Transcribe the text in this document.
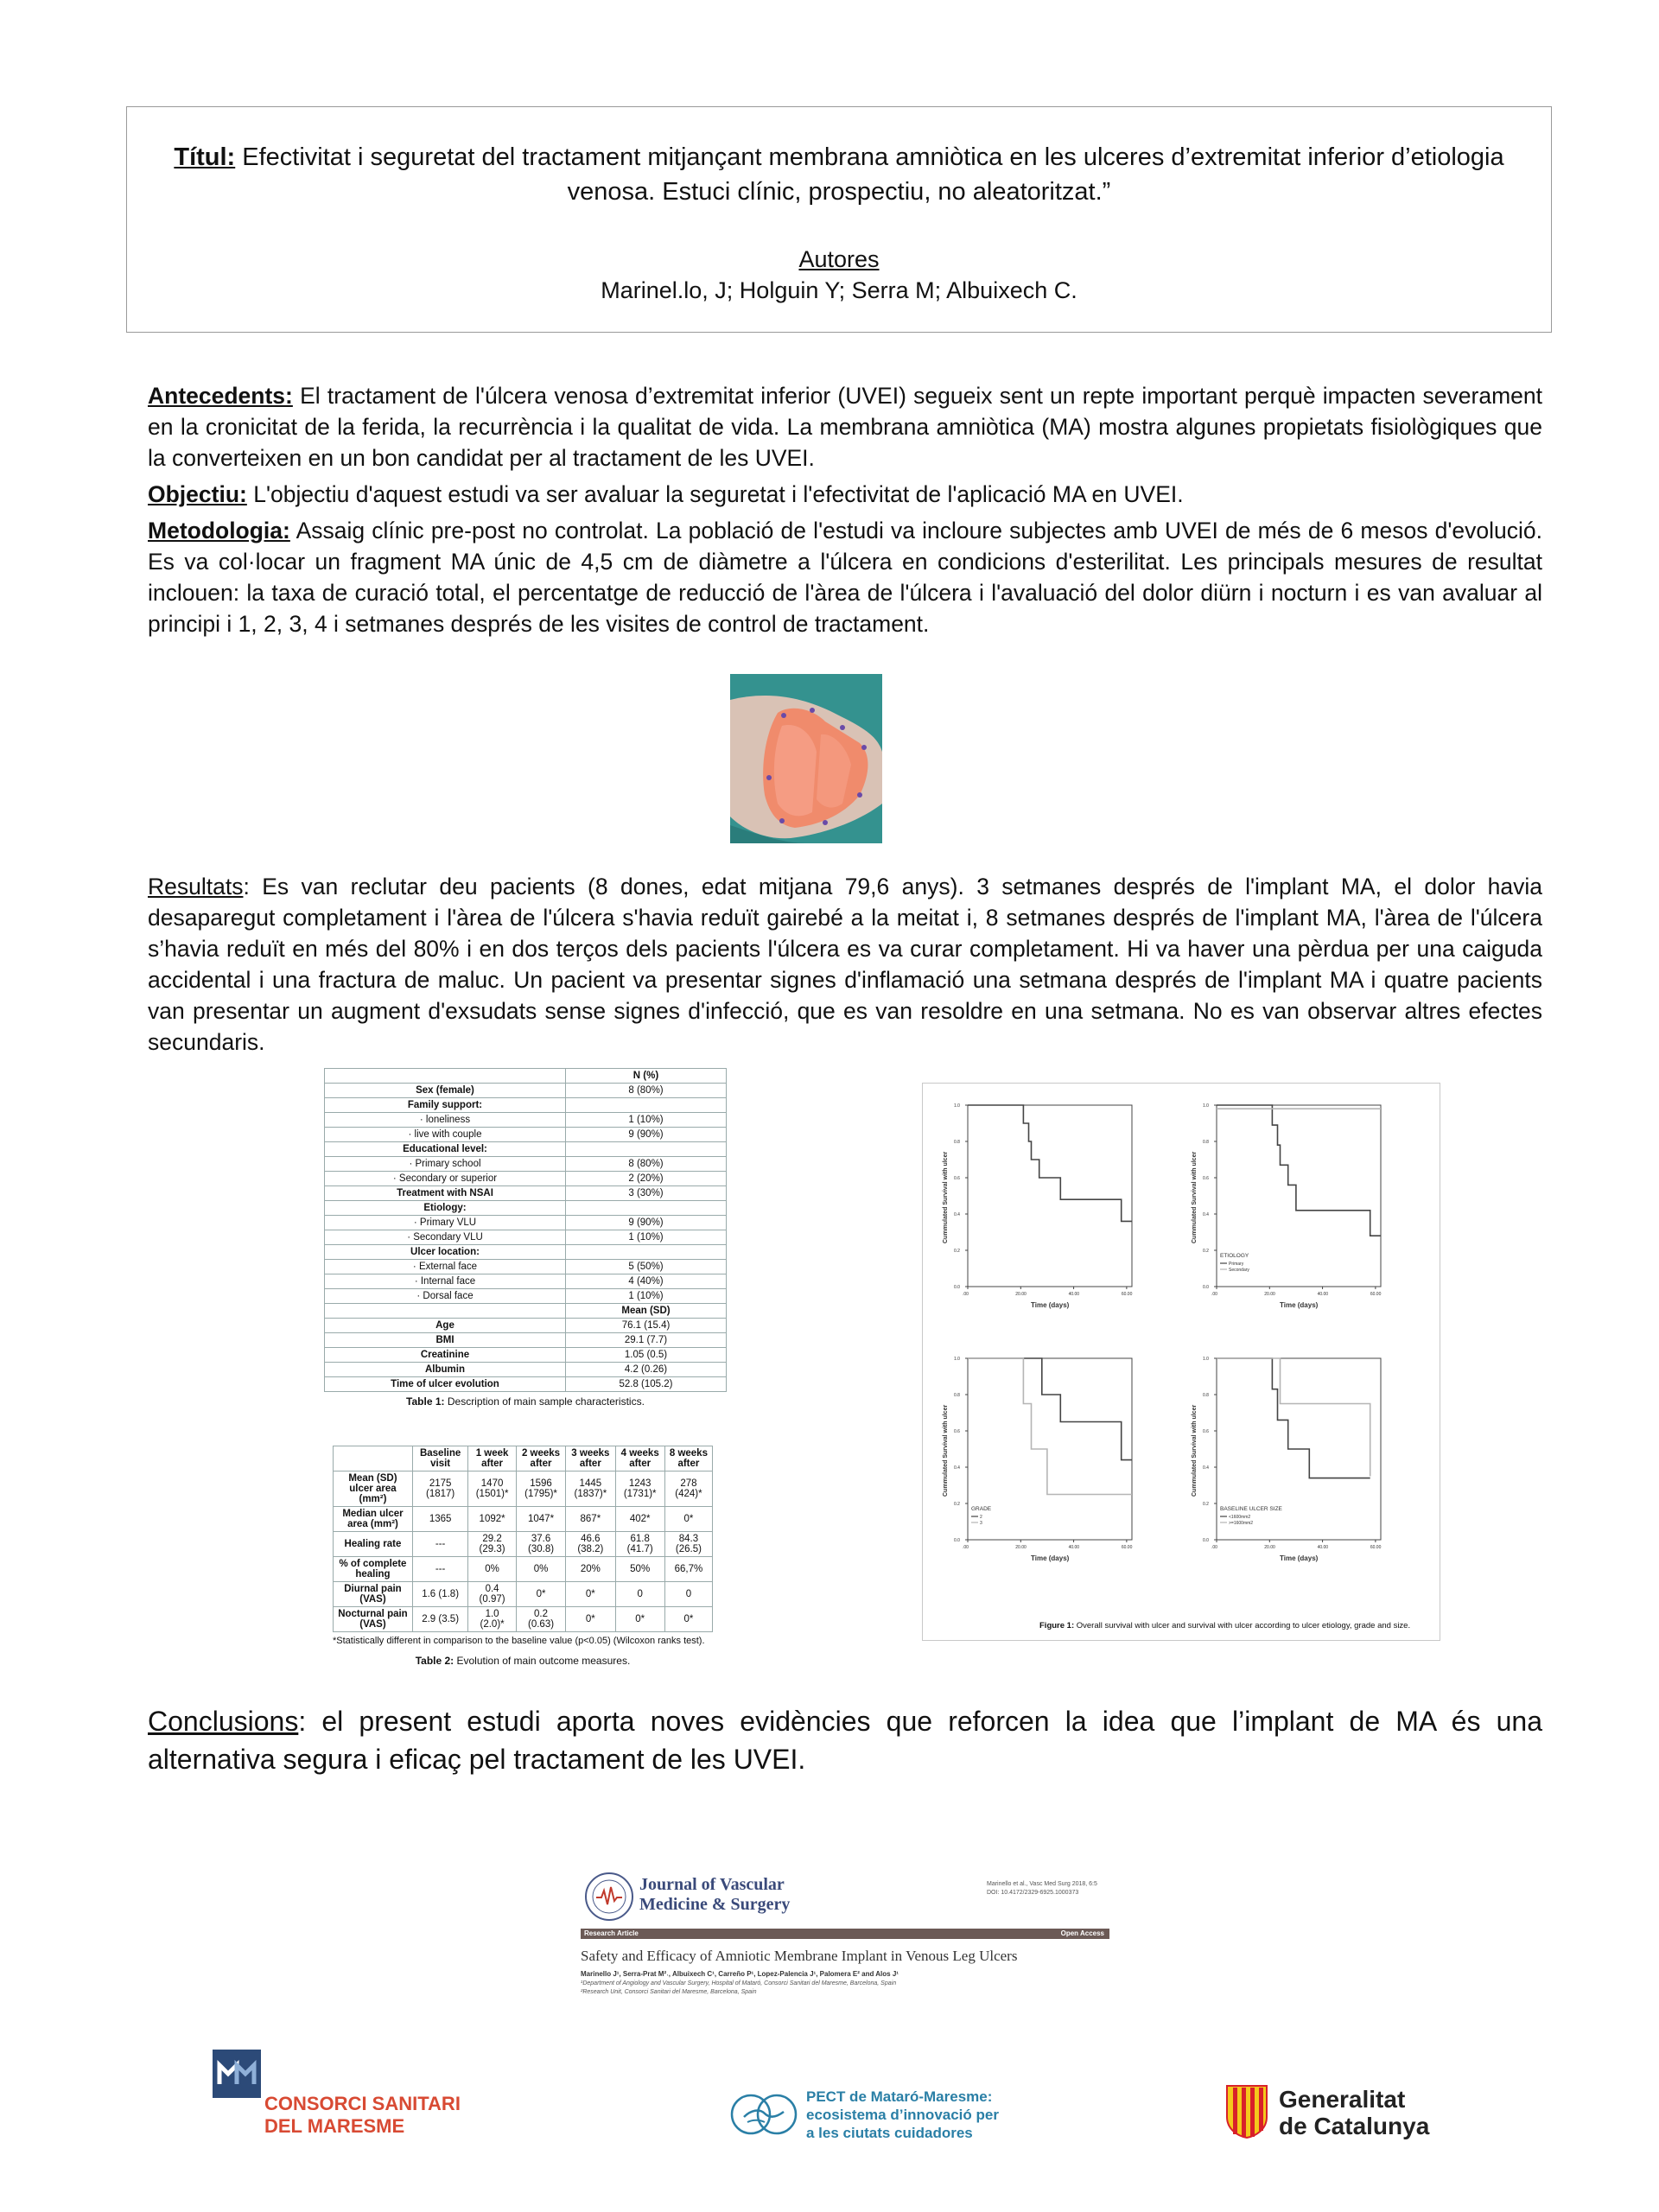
Títul: Efectivitat i seguretat del tractament mitjançant membrana amniòtica en les ulceres d’extremitat inferior d’etiologia venosa. Estuci clínic, prospectiu, no aleatoritzat.”
Autores
Marinel.lo, J; Holguin Y; Serra M; Albuixech C.

Antecedents: El tractament de l'úlcera venosa d’extremitat inferior (UVEI) segueix sent un repte important perquè impacten severament en la cronicitat de la ferida, la recurrència i la qualitat de vida. La membrana amniòtica (MA) mostra algunes propietats fisiològiques que la converteixen en un bon candidat per al tractament de les UVEI.

Objectiu: L'objectiu d'aquest estudi va ser avaluar la seguretat i l'efectivitat de l'aplicació MA en UVEI.

Metodologia: Assaig clínic pre-post no controlat. La població de l'estudi va incloure subjectes amb UVEI de més de 6 mesos d'evolució. Es va col·locar un fragment MA únic de 4,5 cm de diàmetre a l'úlcera en condicions d'esterilitat. Les principals mesures de resultat inclouen: la taxa de curació total, el percentatge de reducció de l'àrea de l'úlcera i l'avaluació del dolor diürn i nocturn i es van avaluar al principi i 1, 2, 3, 4 i setmanes després de les visites de control de tractament.

Resultats: Es van reclutar deu pacients (8 dones, edat mitjana 79,6 anys). 3 setmanes després de l'implant MA, el dolor havia desaparegut completament i l'àrea de l'úlcera s'havia reduït gairebé a la meitat i, 8 setmanes després de l'implant MA, l'àrea de l'úlcera s’havia reduït en més del 80% i en dos terços dels pacients l'úlcera es va curar completament. Hi va haver una pèrdua per una caiguda accidental i una fractura de maluc. Un pacient va presentar signes d'inflamació una setmana després de l'implant MA i quatre pacients van presentar un augment d'exsudats sense signes d'infecció, que es van resoldre en una setmana. No es van observar altres efectes secundaris.

	N (%)
Sex (female)	8 (80%)
Family support:	
· loneliness	1 (10%)
· live with couple	9 (90%)
Educational level:	
· Primary school	8 (80%)
· Secondary or superior	2 (20%)
Treatment with NSAI	3 (30%)
Etiology:	
· Primary VLU	9 (90%)
· Secondary VLU	1 (10%)
Ulcer location:	
· External face	5 (50%)
· Internal face	4 (40%)
· Dorsal face	1 (10%)
	Mean (SD)
Age	76.1 (15.4)
BMI	29.1 (7.7)
Creatinine	1.05 (0.5)
Albumin	4.2 (0.26)
Time of ulcer evolution	52.8 (105.2)
Table 1: Description of main sample characteristics.
	Baseline visit	1 week after	2 weeks after	3 weeks after	4 weeks after	8 weeks after
Mean (SD) ulcer area (mm²)	2175 (1817)	1470 (1501)*	1596 (1795)*	1445 (1837)*	1243 (1731)*	278 (424)*
Median ulcer area (mm²)	1365	1092*	1047*	867*	402*	0*
Healing rate	---	29.2 (29.3)	37.6 (30.8)	46.6 (38.2)	61.8 (41.7)	84.3 (26.5)
% of complete healing	---	0%	0%	20%	50%	66,7%
Diurnal pain (VAS)	1.6 (1.8)	0.4 (0.97)	0*	0*	0	0
Nocturnal pain (VAS)	2.9 (3.5)	1.0 (2.0)*	0.2 (0.63)	0*	0*	0*
*Statistically different in comparison to the baseline value (p<0.05) (Wilcoxon ranks test).
Table 2: Evolution of main outcome measures.
0.0
0.2
0.4
0.6
0.8
1.0
.00	20.00	40.00	60.00
Time (days)
Cummulated Survival with ulcer
0.0
0.2
0.4
0.6
0.8
1.0
.00	20.00	40.00	60.00
Time (days)
Cummulated Survival with ulcer
ETIOLOGY
Primary
Secondary
0.0
0.2
0.4
0.6
0.8
1.0
.00	20.00	40.00	60.00
Time (days)
Cummulated Survival with ulcer
GRADE
2
3
0.0
0.2
0.4
0.6
0.8
1.0
.00	20.00	40.00	60.00
Time (days)
Cummulated Survival with ulcer
BASELINE ULCER SIZE
<1600mm2
>=1600mm2
Figure 1: Overall survival with ulcer and survival with ulcer according to ulcer etiology, grade and size.

Conclusions: el present estudi aporta noves evidències que reforcen la idea que l’implant de MA és una alternativa segura i eficaç pel tractament de les UVEI.

Journal of Vascular
Medicine & Surgery
Marinello et al., Vasc Med Surg 2018, 6:5
DOI: 10.4172/2329-6925.1000373
Research Article	Open Access
Safety and Efficacy of Amniotic Membrane Implant in Venous Leg Ulcers
Marinello J¹, Serra-Prat M²˒, Albuixech C¹, Carreño P¹, Lopez-Palencia J¹, Palomera E² and Alos J¹
¹Department of Angiology and Vascular Surgery, Hospital of Mataró, Consorci Sanitari del Maresme, Barcelona, Spain
²Research Unit, Consorci Sanitari del Maresme, Barcelona, Spain
CONSORCI SANITARI
DEL MARESME
PECT de Mataró-Maresme:
ecosistema d’innovació per
a les ciutats cuidadores
Generalitat
de Catalunya
